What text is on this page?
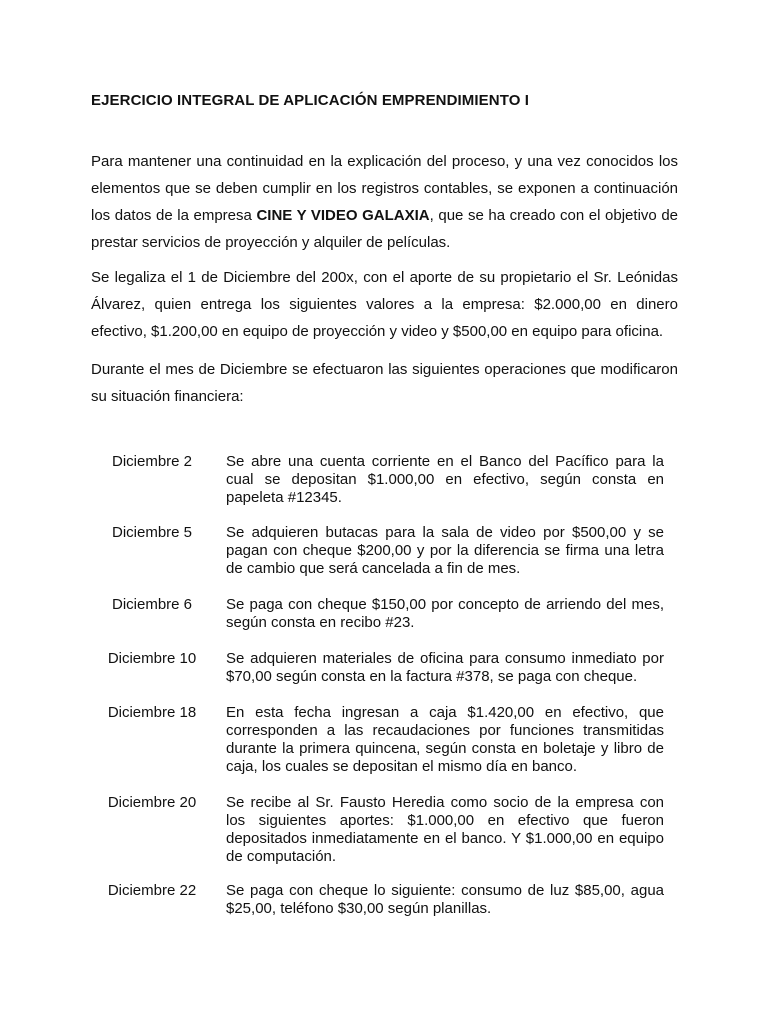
EJERCICIO INTEGRAL DE APLICACIÓN EMPRENDIMIENTO I

Para mantener una continuidad en la explicación del proceso, y una vez conocidos los elementos que se deben cumplir en los registros contables, se exponen a continuación los datos de la empresa CINE Y VIDEO GALAXIA, que se ha creado con el objetivo de prestar servicios de proyección y alquiler de películas.

Se legaliza el 1 de Diciembre del 200x, con el aporte de su propietario el Sr. Leónidas Álvarez, quien entrega los siguientes valores a la empresa: $2.000,00 en dinero efectivo, $1.200,00 en equipo de proyección y video y $500,00 en equipo para oficina.

Durante el mes de Diciembre se efectuaron las siguientes operaciones que modificaron su situación financiera:

Diciembre 2	Se abre una cuenta corriente en el Banco del Pacífico para la cual se depositan $1.000,00 en efectivo, según consta en papeleta #12345.
Diciembre 5	Se adquieren butacas para la sala de video por $500,00 y se pagan con cheque $200,00 y por la diferencia se firma una letra de cambio que será cancelada a fin de mes.
Diciembre 6	Se paga con cheque $150,00 por concepto de arriendo del mes, según consta en recibo #23.
Diciembre 10	Se adquieren materiales de oficina para consumo inmediato por $70,00 según consta en la factura #378, se paga con cheque.
Diciembre 18	En esta fecha ingresan a caja $1.420,00 en efectivo, que corresponden a las recaudaciones por funciones transmitidas durante la primera quincena, según consta en boletaje y libro de caja, los cuales se depositan el mismo día en banco.
Diciembre 20	Se recibe al Sr. Fausto Heredia como socio de la empresa con los siguientes aportes: $1.000,00 en efectivo que fueron depositados inmediatamente en el banco. Y $1.000,00 en equipo de computación.
Diciembre 22	Se paga con cheque lo siguiente: consumo de luz $85,00, agua $25,00, teléfono $30,00 según planillas.
